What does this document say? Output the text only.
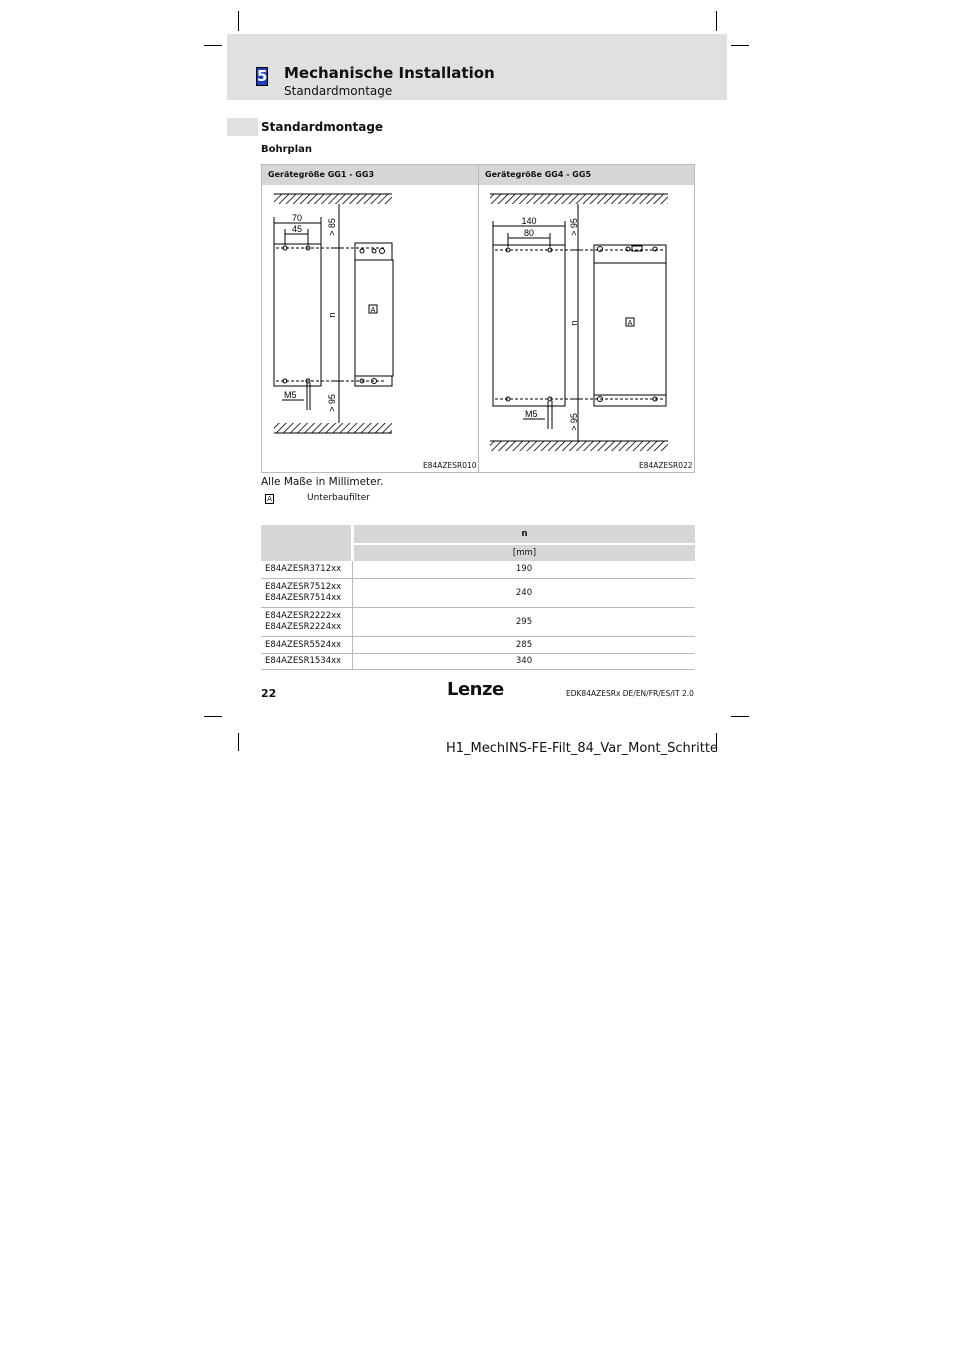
5 Mechanische Installation
Standardmontage
Standardmontage
Bohrplan
Gerätegröße GG1 - GG3	Gerätegröße GG4 - GG5
70
45	> 85
n
> 95
M5
A
140
80	> 95
n
> 95
M5
A
E84AZESR010	E84AZESR022
Alle Maße in Millimeter.
A	Unterbaufilter
	n
	[mm]
E84AZESR3712xx	190
E84AZESR7512xx
E84AZESR7514xx	240
E84AZESR2222xx
E84AZESR2224xx	295
E84AZESR5524xx	285
E84AZESR1534xx	340
22	Lenze	EDK84AZESRx DE/EN/FR/ES/IT 2.0
H1_MechINS-FE-Filt_84_Var_Mont_Schritte
